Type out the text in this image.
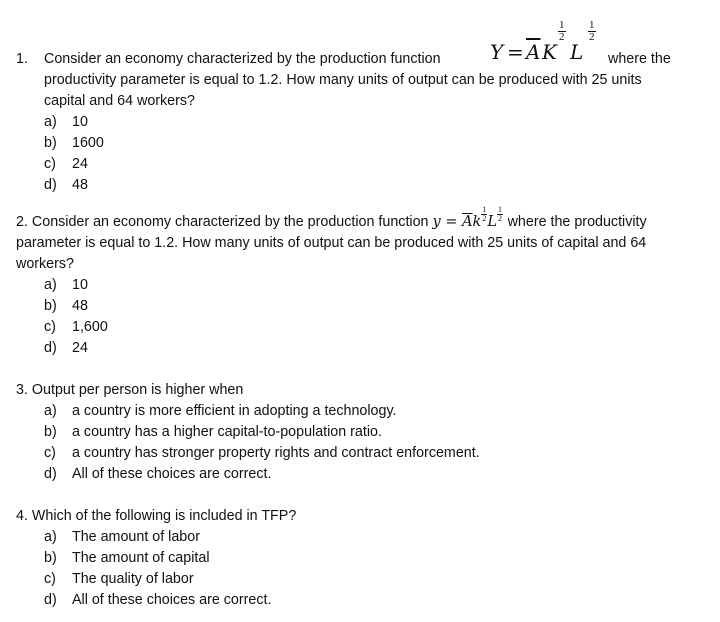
1. Consider an economy characterized by the production function $Y = \overline{A}$ K
$\frac{1}{2}$
L
$\frac{1}{2}$
where the
productivity parameter is equal to 1.2. How many units of output can be produced with 25 units
capital and 64 workers?
a) 10
b) 1600
c) 24
d) 48
2. Consider an economy characterized by the production function $y = \overline{A}k \frac{1}{2}$ L $\frac{1}{2}$ where the productivity
parameter is equal to 1.2. How many units of output can be produced with 25 units of capital and 64
workers?
a) 10
b) 48
c) 1,600
d) 24
3. Output per person is higher when
a) a country is more efficient in adopting a technology.
b) a country has a higher capital-to-population ratio.
c) a country has stronger property rights and contract enforcement.
d) All of these choices are correct.
4. Which of the following is included in TFP?
a) The amount of labor
b) The amount of capital
c) The quality of labor
d) All of these choices are correct.
